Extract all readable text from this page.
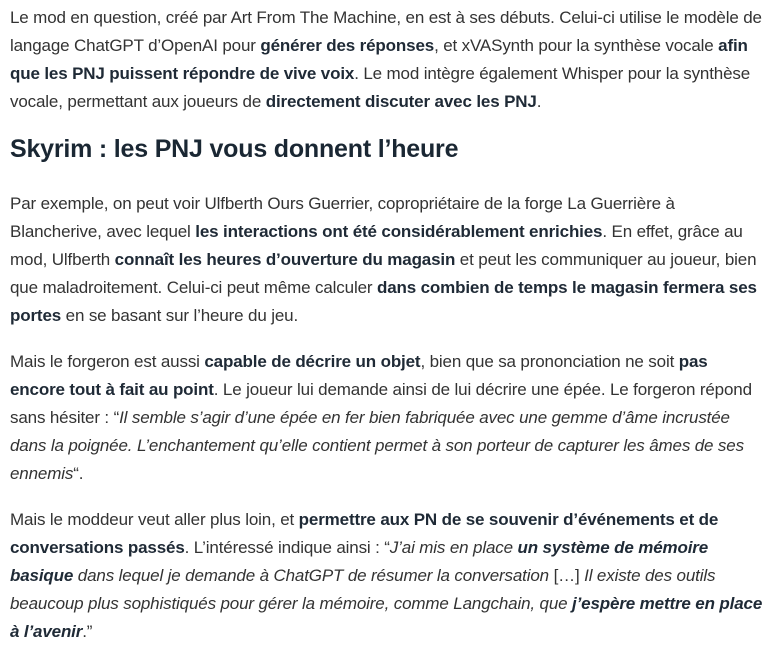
Le mod en question, créé par Art From The Machine, en est à ses débuts. Celui-ci utilise le modèle de langage ChatGPT d’OpenAI pour générer des réponses, et xVASynth pour la synthèse vocale afin que les PNJ puissent répondre de vive voix. Le mod intègre également Whisper pour la synthèse vocale, permettant aux joueurs de directement discuter avec les PNJ.

Skyrim : les PNJ vous donnent l’heure

Par exemple, on peut voir Ulfberth Ours Guerrier, copropriétaire de la forge La Guerrière à Blancherive, avec lequel les interactions ont été considérablement enrichies. En effet, grâce au mod, Ulfberth connaît les heures d’ouverture du magasin et peut les communiquer au joueur, bien que maladroitement. Celui-ci peut même calculer dans combien de temps le magasin fermera ses portes en se basant sur l’heure du jeu.

Mais le forgeron est aussi capable de décrire un objet, bien que sa prononciation ne soit pas encore tout à fait au point. Le joueur lui demande ainsi de lui décrire une épée. Le forgeron répond sans hésiter : “Il semble s’agir d’une épée en fer bien fabriquée avec une gemme d’âme incrustée dans la poignée. L’enchantement qu’elle contient permet à son porteur de capturer les âmes de ses ennemis“.

Mais le moddeur veut aller plus loin, et permettre aux PN de se souvenir d’événements et de conversations passés. L’intéressé indique ainsi : “J’ai mis en place un système de mémoire basique dans lequel je demande à ChatGPT de résumer la conversation […] Il existe des outils beaucoup plus sophistiqués pour gérer la mémoire, comme Langchain, que j’espère mettre en place à l’avenir.”
